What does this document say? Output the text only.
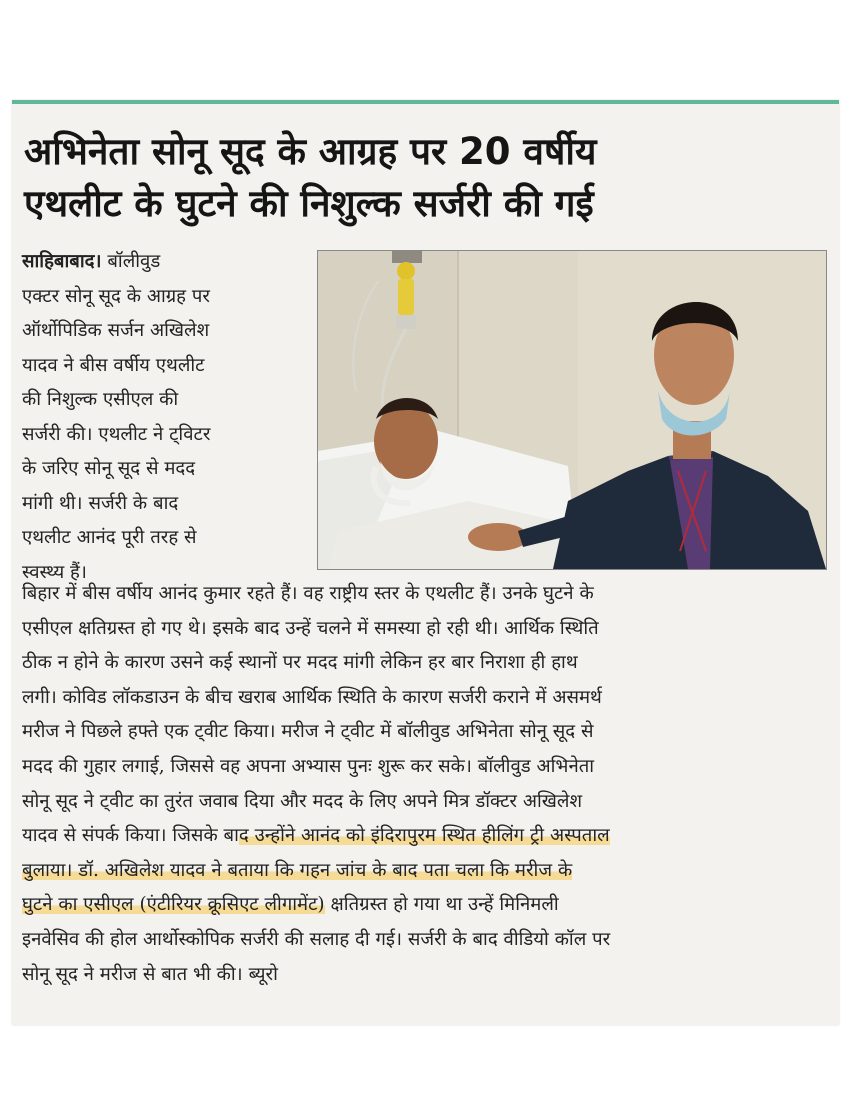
अभिनेता सोनू सूद के आग्रह पर 20 वर्षीय
एथलीट के घुटने की निशुल्क सर्जरी की गई
साहिबाबाद। बॉलीवुड
एक्टर सोनू सूद के आग्रह पर
ऑर्थोपिडिक सर्जन अखिलेश
यादव ने बीस वर्षीय एथलीट
की निशुल्क एसीएल की
सर्जरी की। एथलीट ने ट्विटर
के जरिए सोनू सूद से मदद
मांगी थी। सर्जरी के बाद
एथलीट आनंद पूरी तरह से
स्वस्थ्य हैं।
बिहार में बीस वर्षीय आनंद कुमार रहते हैं। वह राष्ट्रीय स्तर के एथलीट हैं। उनके घुटने के
एसीएल क्षतिग्रस्त हो गए थे। इसके बाद उन्हें चलने में समस्या हो रही थी। आर्थिक स्थिति
ठीक न होने के कारण उसने कई स्थानों पर मदद मांगी लेकिन हर बार निराशा ही हाथ
लगी। कोविड लॉकडाउन के बीच खराब आर्थिक स्थिति के कारण सर्जरी कराने में असमर्थ
मरीज ने पिछले हफ्ते एक ट्वीट किया। मरीज ने ट्वीट में बॉलीवुड अभिनेता सोनू सूद से
मदद की गुहार लगाई, जिससे वह अपना अभ्यास पुनः शुरू कर सके। बॉलीवुड अभिनेता
सोनू सूद ने ट्वीट का तुरंत जवाब दिया और मदद के लिए अपने मित्र डॉक्टर अखिलेश
यादव से संपर्क किया। जिसके बाद उन्होंने आनंद को इंदिरापुरम स्थित हीलिंग ट्री अस्पताल
बुलाया। डॉ. अखिलेश यादव ने बताया कि गहन जांच के बाद पता चला कि मरीज के
घुटने का एसीएल (एंटीरियर क्रूसिएट लीगामेंट) क्षतिग्रस्त हो गया था उन्हें मिनिमली
इनवेसिव की होल आर्थोस्कोपिक सर्जरी की सलाह दी गई। सर्जरी के बाद वीडियो कॉल पर
सोनू सूद ने मरीज से बात भी की। ब्यूरो
